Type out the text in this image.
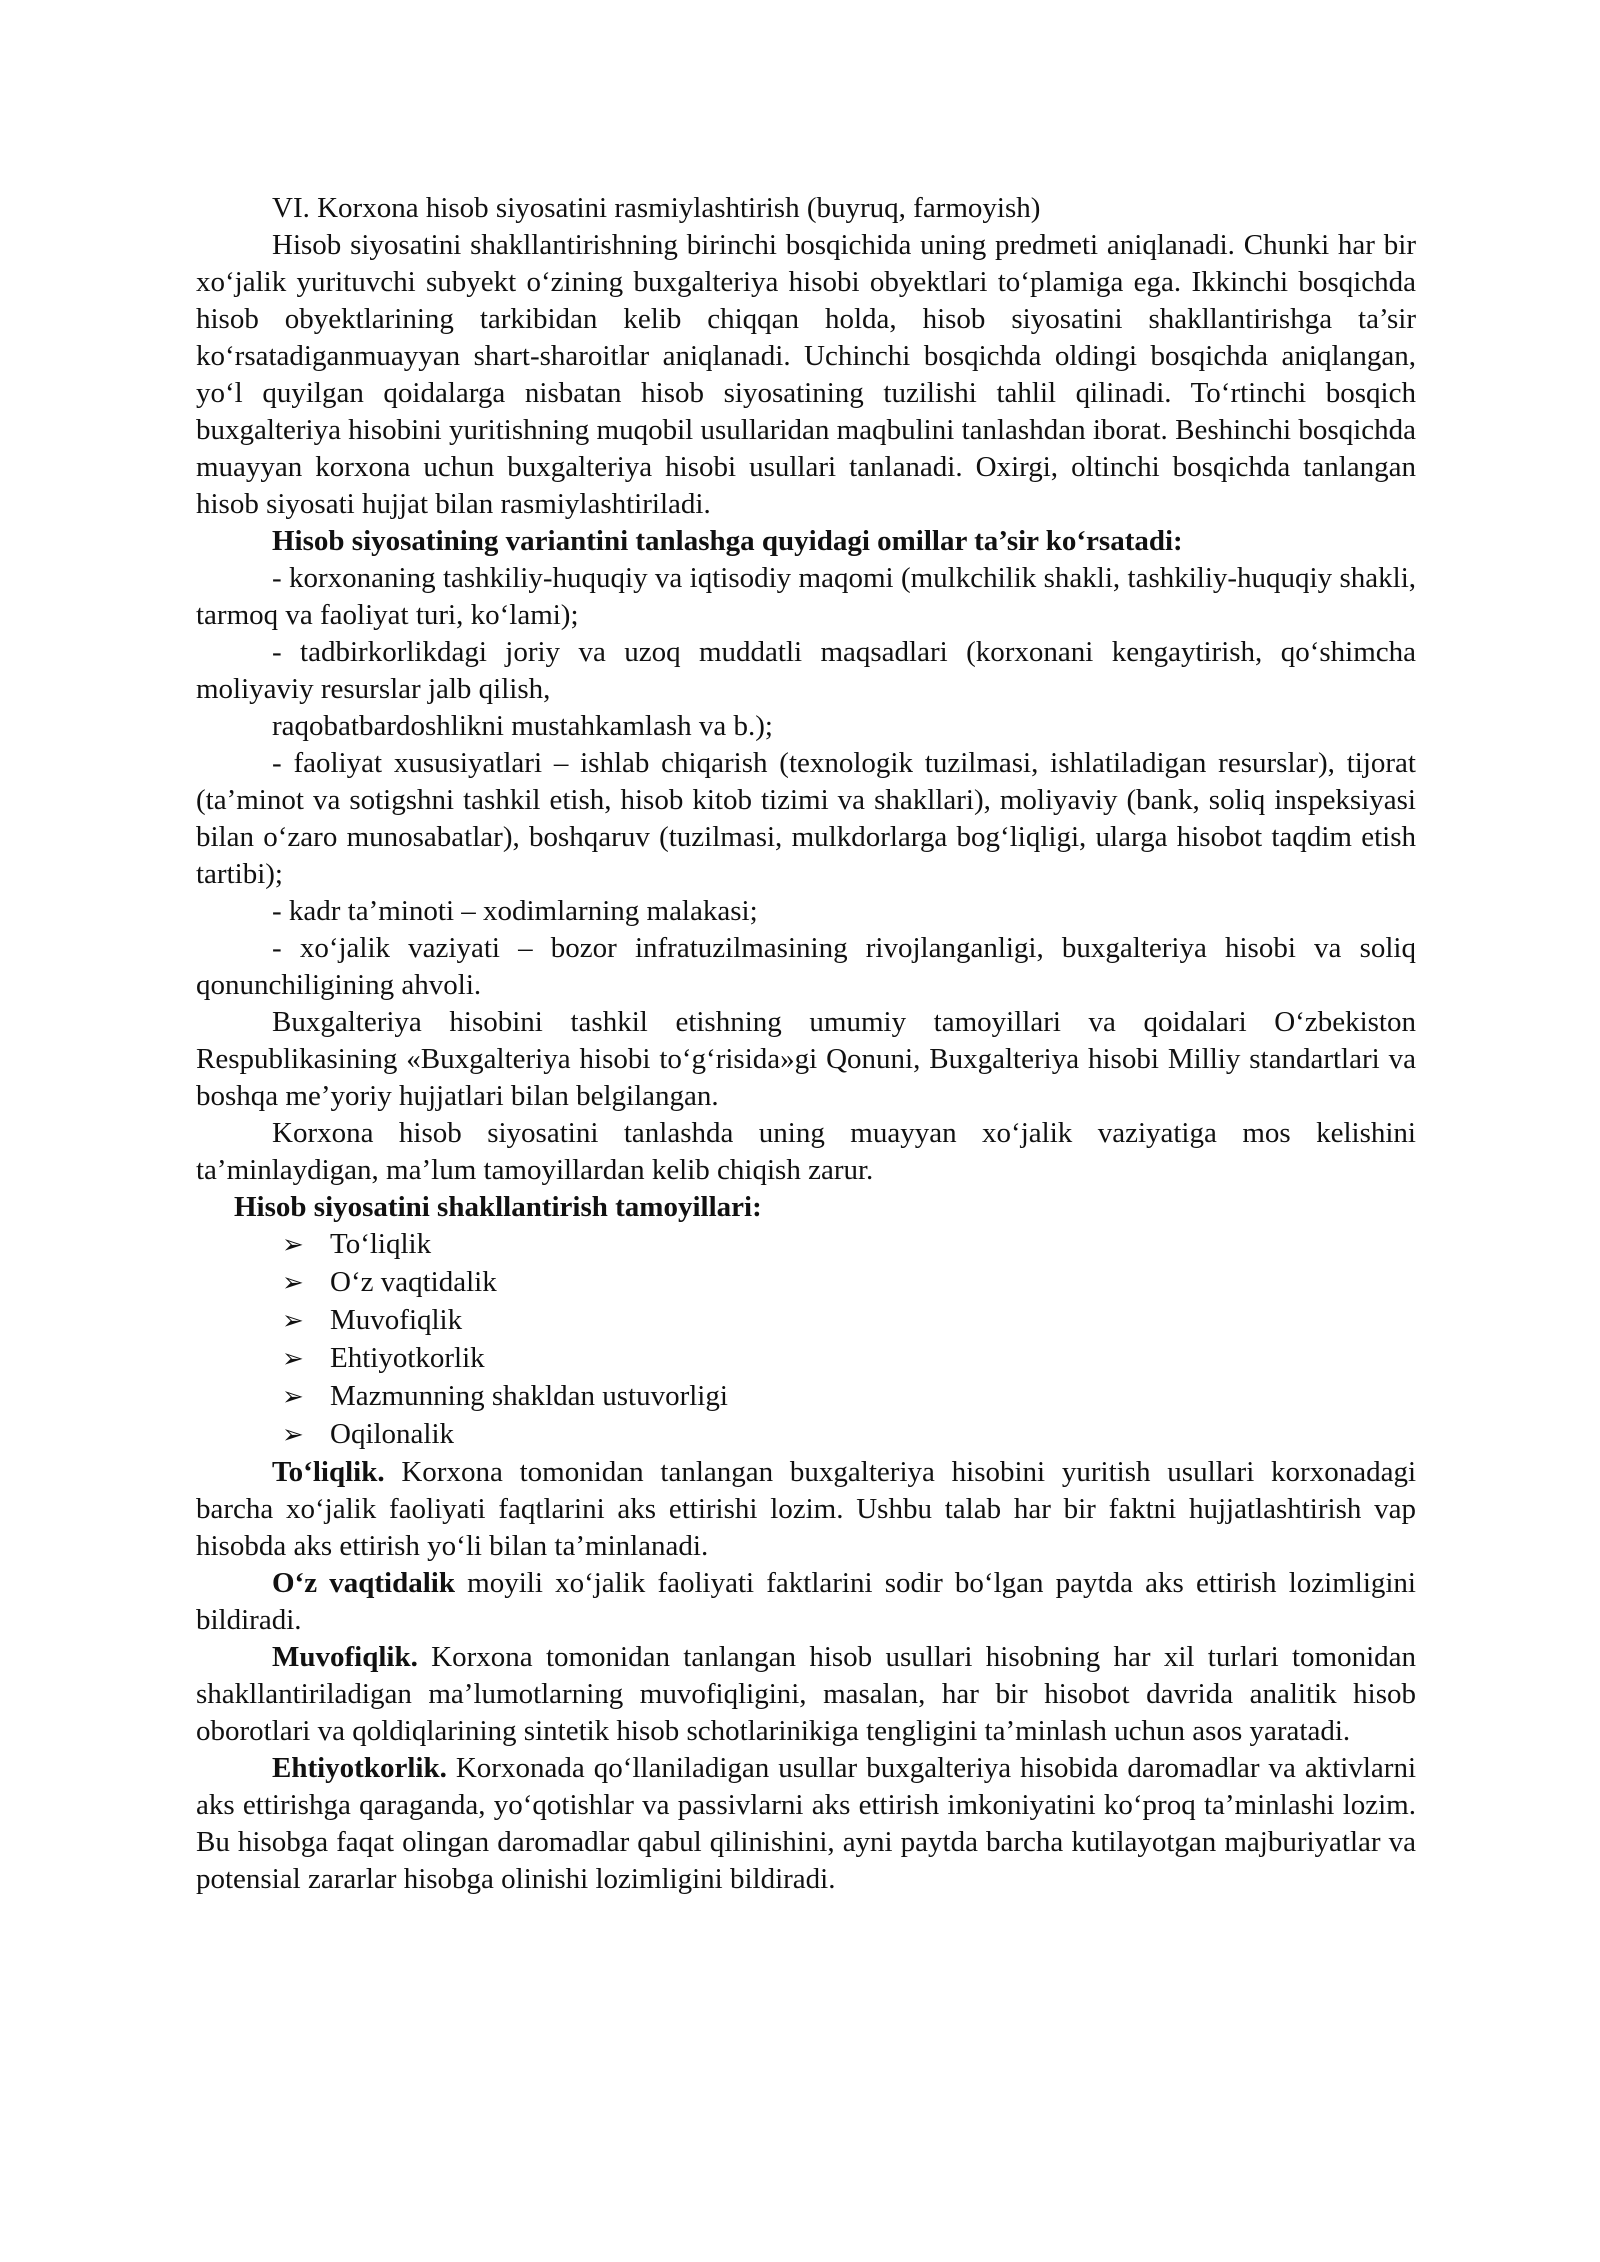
VI. Korxona hisob siyosatini rasmiylashtirish (buyruq, farmoyish)

Hisob siyosatini shakllantirishning birinchi bosqichida uning predmeti aniqlanadi. Chunki har bir xo‘jalik yurituvchi subyekt o‘zining buxgalteriya hisobi obyektlari to‘plamiga ega. Ikkinchi bosqichda hisob obyektlarining tarkibidan kelib chiqqan holda, hisob siyosatini shakllantirishga ta’sir ko‘rsatadiganmuayyan shart-sharoitlar aniqlanadi. Uchinchi bosqichda oldingi bosqichda aniqlangan, yo‘l quyilgan qoidalarga nisbatan hisob siyosatining tuzilishi tahlil qilinadi. To‘rtinchi bosqich buxgalteriya hisobini yuritishning muqobil usullaridan maqbulini tanlashdan iborat. Beshinchi bosqichda muayyan korxona uchun buxgalteriya hisobi usullari tanlanadi. Oxirgi, oltinchi bosqichda tanlangan hisob siyosati hujjat bilan rasmiylashtiriladi.

Hisob siyosatining variantini tanlashga quyidagi omillar ta’sir ko‘rsatadi:

- korxonaning tashkiliy-huquqiy va iqtisodiy maqomi (mulkchilik shakli, tashkiliy-huquqiy shakli, tarmoq va faoliyat turi, ko‘lami);

- tadbirkorlikdagi joriy va uzoq muddatli maqsadlari (korxonani kengaytirish, qo‘shimcha moliyaviy resurslar jalb qilish,

raqobatbardoshlikni mustahkamlash va b.);

- faoliyat xususiyatlari – ishlab chiqarish (texnologik tuzilmasi, ishlatiladigan resurslar), tijorat (ta’minot va sotigshni tashkil etish, hisob kitob tizimi va shakllari), moliyaviy (bank, soliq inspeksiyasi bilan o‘zaro munosabatlar), boshqaruv (tuzilmasi, mulkdorlarga bog‘liqligi, ularga hisobot taqdim etish tartibi);

- kadr ta’minoti – xodimlarning malakasi;

- xo‘jalik vaziyati – bozor infratuzilmasining rivojlanganligi, buxgalteriya hisobi va soliq qonunchiligining ahvoli.

Buxgalteriya hisobini tashkil etishning umumiy tamoyillari va qoidalari O‘zbekiston Respublikasining «Buxgalteriya hisobi to‘g‘risida»gi Qonuni, Buxgalteriya hisobi Milliy standartlari va boshqa me’yoriy hujjatlari bilan belgilangan.

Korxona hisob siyosatini tanlashda uning muayyan xo‘jalik vaziyatiga mos kelishini ta’minlaydigan, ma’lum tamoyillardan kelib chiqish zarur.

Hisob siyosatini shakllantirish tamoyillari:

➢ To‘liqlik
➢ O‘z vaqtidalik
➢ Muvofiqlik
➢ Ehtiyotkorlik
➢ Mazmunning shakldan ustuvorligi
➢ Oqilonalik

To‘liqlik. Korxona tomonidan tanlangan buxgalteriya hisobini yuritish usullari korxonadagi barcha xo‘jalik faoliyati faqtlarini aks ettirishi lozim. Ushbu talab har bir faktni hujjatlashtirish vap hisobda aks ettirish yo‘li bilan ta’minlanadi.

O‘z vaqtidalik moyili xo‘jalik faoliyati faktlarini sodir bo‘lgan paytda aks ettirish lozimligini bildiradi.

Muvofiqlik. Korxona tomonidan tanlangan hisob usullari hisobning har xil turlari tomonidan shakllantiriladigan ma’lumotlarning muvofiqligini, masalan, har bir hisobot davrida analitik hisob oborotlari va qoldiqlarining sintetik hisob schotlarinikiga tengligini ta’minlash uchun asos yaratadi.

Ehtiyotkorlik. Korxonada qo‘llaniladigan usullar buxgalteriya hisobida daromadlar va aktivlarni aks ettirishga qaraganda, yo‘qotishlar va passivlarni aks ettirish imkoniyatini ko‘proq ta’minlashi lozim. Bu hisobga faqat olingan daromadlar qabul qilinishini, ayni paytda barcha kutilayotgan majburiyatlar va potensial zararlar hisobga olinishi lozimligini bildiradi.
